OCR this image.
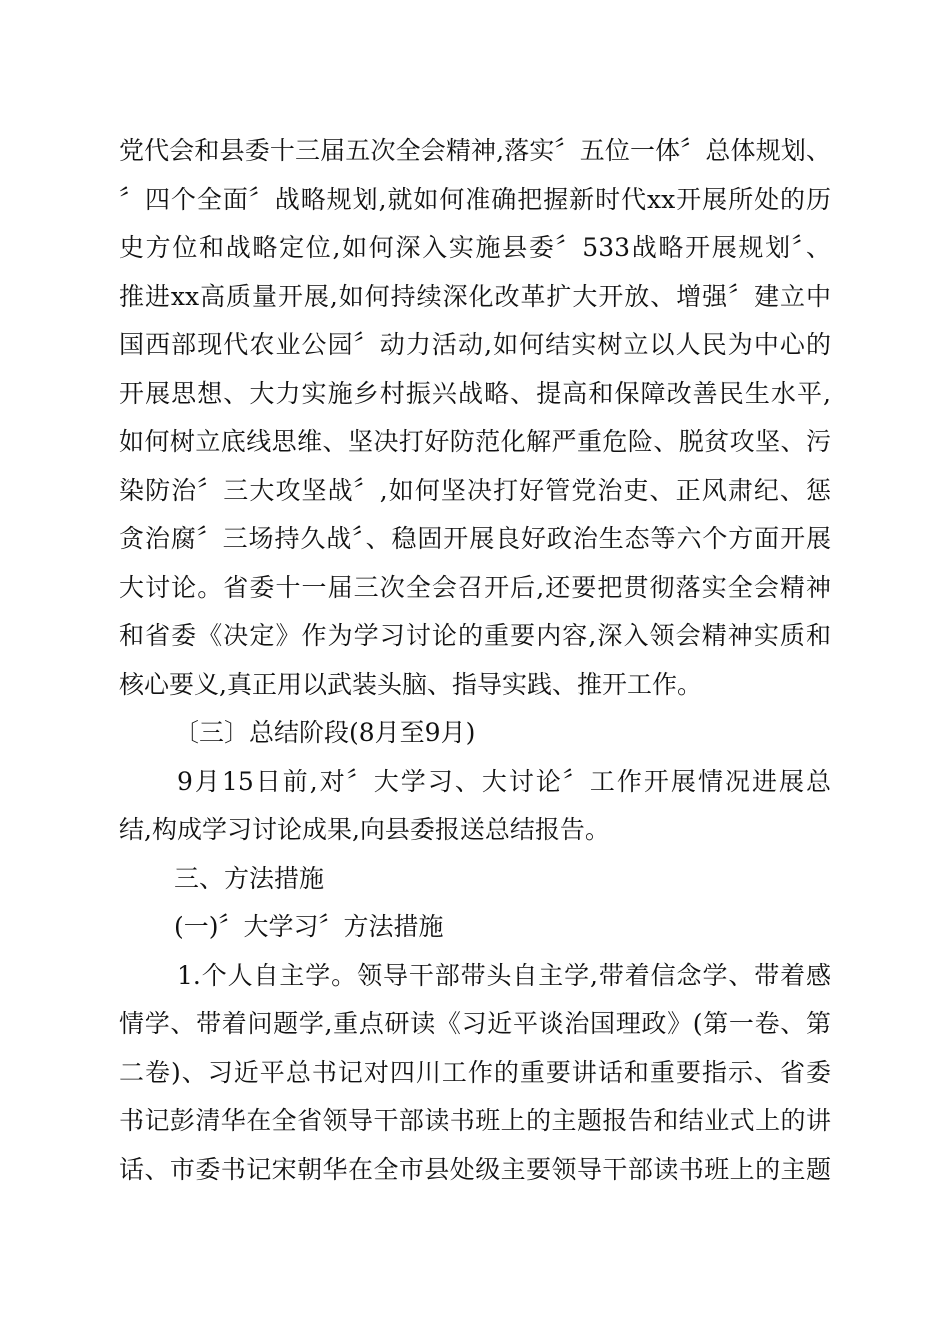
党代会和县委十三届五次全会精神,落实〞五位一体〞总体规划、
〞四个全面〞战略规划,就如何准确把握新时代xx开展所处的历
史方位和战略定位,如何深入实施县委〞533战略开展规划〞、
推进xx高质量开展,如何持续深化改革扩大开放、增强〞建立中
国西部现代农业公园〞动力活动,如何结实树立以人民为中心的
开展思想、大力实施乡村振兴战略、提高和保障改善民生水平,
如何树立底线思维、坚决打好防范化解严重危险、脱贫攻坚、污
染防治〞三大攻坚战〞,如何坚决打好管党治吏、正风肃纪、惩
贪治腐〞三场持久战〞、稳固开展良好政治生态等六个方面开展
大讨论。省委十一届三次全会召开后,还要把贯彻落实全会精神
和省委《决定》作为学习讨论的重要内容,深入领会精神实质和
核心要义,真正用以武装头脑、指导实践、推开工作。
〔三〕总结阶段(8月至9月)
9月15日前,对〞大学习、大讨论〞工作开展情况进展总
结,构成学习讨论成果,向县委报送总结报告。
三、方法措施
(一)〞大学习〞方法措施
1.个人自主学。领导干部带头自主学,带着信念学、带着感
情学、带着问题学,重点研读《习近平谈治国理政》(第一卷、第
二卷)、习近平总书记对四川工作的重要讲话和重要指示、省委
书记彭清华在全省领导干部读书班上的主题报告和结业式上的讲
话、市委书记宋朝华在全市县处级主要领导干部读书班上的主题
